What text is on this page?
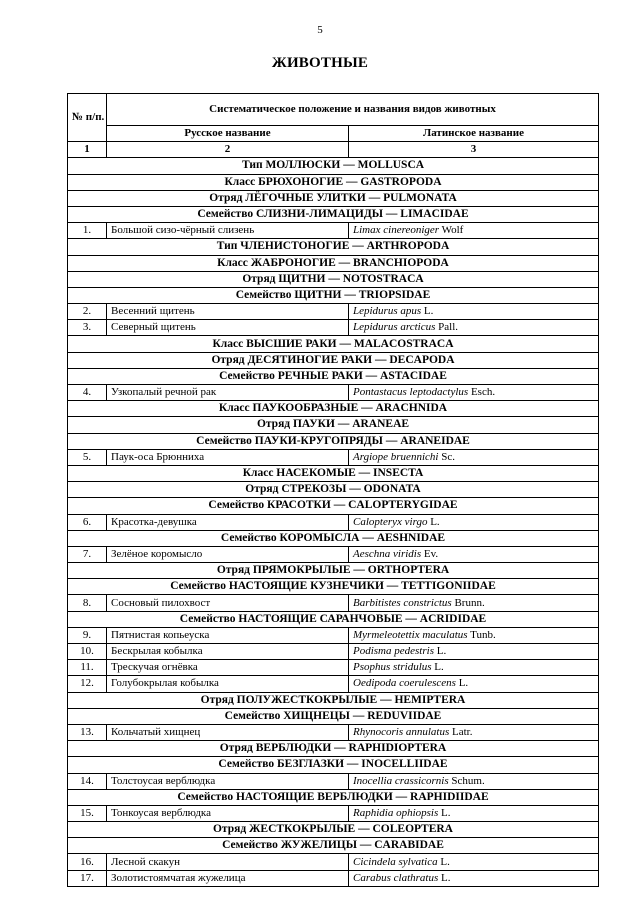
5
ЖИВОТНЫЕ
№ п/п.	Систематическое положение и названия видов животных	
	Русское название	Латинское название
1	2	3
Тип МОЛЛЮСКИ — MOLLUSCA		
Класс БРЮХОНОГИЕ — GASTROPODA		
Отряд ЛЁГОЧНЫЕ УЛИТКИ — PULMONATA		
Семейство СЛИЗНИ-ЛИМАЦИДЫ — LIMACIDAE		
1.	Большой сизо-чёрный слизень	Limax cinereoniger Wolf
Тип ЧЛЕНИСТОНОГИЕ — ARTHROPODA		
Класс ЖАБРОНОГИЕ — BRANCHIOPODA		
Отряд ЩИТНИ — NOTOSTRACA		
Семейство ЩИТНИ — TRIOPSIDAE		
2.	Весенний щитень	Lepidurus apus L.
3.	Северный щитень	Lepidurus arcticus Pall.
Класс ВЫСШИЕ РАКИ — MALACOSTRACA		
Отряд ДЕСЯТИНОГИЕ РАКИ — DECAPODA		
Семейство РЕЧНЫЕ РАКИ — ASTACIDAE		
4.	Узкопалый речной рак	Pontastacus leptodactylus Esch.
Класс ПАУКООБРАЗНЫЕ — ARACHNIDA		
Отряд ПАУКИ — ARANEAE		
Семейство ПАУКИ-КРУГОПРЯДЫ — ARANEIDAE		
5.	Паук-оса Брюнниха	Argiope bruennichi Sc.
Класс НАСЕКОМЫЕ — INSECTA		
Отряд СТРЕКОЗЫ — ODONATA		
Семейство КРАСОТКИ — CALOPTERYGIDAE		
6.	Красотка-девушка	Calopteryx virgo L.
Семейство КОРОМЫСЛА — AESHNIDAE		
7.	Зелёное коромысло	Aeschna viridis Ev.
Отряд ПРЯМОКРЫЛЫЕ — ORTHOPTERA		
Семейство НАСТОЯЩИЕ КУЗНЕЧИКИ — TETTIGONIIDAE		
8.	Сосновый пилохвост	Barbitistes constrictus Brunn.
Семейство НАСТОЯЩИЕ САРАНЧОВЫЕ — ACRIDIDAE		
9.	Пятнистая копьеуска	Myrmeleotettix maculatus Tunb.
10.	Бескрылая кобылка	Podisma pedestris L.
11.	Трескучая огнёвка	Psophus stridulus L.
12.	Голубокрылая кобылка	Oedipoda coerulescens L.
Отряд ПОЛУЖЕСТКОКРЫЛЫЕ — HEMIPTERA		
Семейство ХИЩНЕЦЫ — REDUVIIDAE		
13.	Кольчатый хищнец	Rhynocoris annulatus Latr.
Отряд ВЕРБЛЮДКИ — RAPHIDIOPTERA		
Семейство БЕЗГЛАЗКИ — INOCELLIIDAE		
14.	Толстоусая верблюдка	Inocellia crassicornis Schum.
Семейство НАСТОЯЩИЕ ВЕРБЛЮДКИ — RAPHIDIIDAE		
15.	Тонкоусая верблюдка	Raphidia ophiopsis L.
Отряд ЖЕСТКОКРЫЛЫЕ — COLEOPTERA		
Семейство ЖУЖЕЛИЦЫ — CARABIDAE		
16.	Лесной скакун	Cicindela sylvatica L.
17.	Золотистоямчатая жужелица	Carabus clathratus L.
